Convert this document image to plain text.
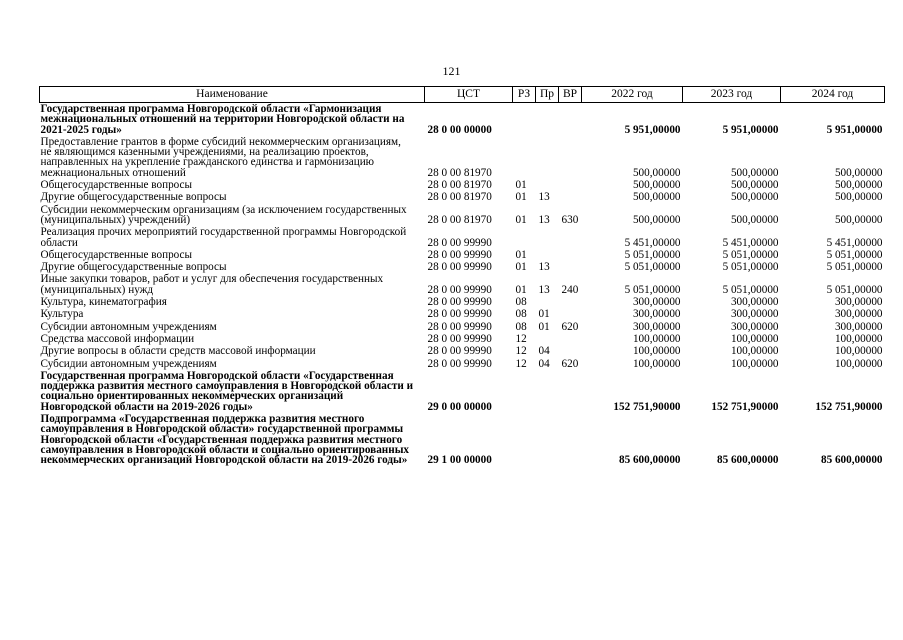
121
Наименование	ЦСТ	РЗ	Пр	ВР	2022 год	2023 год	2024 год
Государственная программа Новгородской области «Гармонизация межнациональных отношений на территории Новгородской области на 2021-2025 годы»	28 0 00 00000				5 951,00000	5 951,00000	5 951,00000
Предоставление грантов в форме субсидий некоммерческим организациям, не являющимся казенными учреждениями, на реализацию проектов, направленных на укрепление гражданского единства и гармонизацию межнациональных отношений	28 0 00 81970				500,00000	500,00000	500,00000
Общегосударственные вопросы	28 0 00 81970	01			500,00000	500,00000	500,00000
Другие общегосударственные вопросы	28 0 00 81970	01	13		500,00000	500,00000	500,00000
Субсидии некоммерческим организациям (за исключением государственных (муниципальных) учреждений)	28 0 00 81970	01	13	630	500,00000	500,00000	500,00000
Реализация прочих мероприятий государственной программы Новгородской области	28 0 00 99990				5 451,00000	5 451,00000	5 451,00000
Общегосударственные вопросы	28 0 00 99990	01			5 051,00000	5 051,00000	5 051,00000
Другие общегосударственные вопросы	28 0 00 99990	01	13		5 051,00000	5 051,00000	5 051,00000
Иные закупки товаров, работ и услуг для обеспечения государственных (муниципальных) нужд	28 0 00 99990	01	13	240	5 051,00000	5 051,00000	5 051,00000
Культура, кинематография	28 0 00 99990	08			300,00000	300,00000	300,00000
Культура	28 0 00 99990	08	01		300,00000	300,00000	300,00000
Субсидии автономным учреждениям	28 0 00 99990	08	01	620	300,00000	300,00000	300,00000
Средства массовой информации	28 0 00 99990	12			100,00000	100,00000	100,00000
Другие вопросы в области средств массовой информации	28 0 00 99990	12	04		100,00000	100,00000	100,00000
Субсидии автономным учреждениям	28 0 00 99990	12	04	620	100,00000	100,00000	100,00000
Государственная программа Новгородской области «Государственная поддержка развития местного самоуправления в Новгородской области и социально ориентированных некоммерческих организаций Новгородской области на 2019-2026 годы»	29 0 00 00000				152 751,90000	152 751,90000	152 751,90000
Подпрограмма «Государственная поддержка развития местного самоуправления в Новгородской области» государственной программы Новгородской области «Государственная поддержка развития местного самоуправления в Новгородской области и социально ориентированных некоммерческих организаций Новгородской области на 2019-2026 годы»	29 1 00 00000				85 600,00000	85 600,00000	85 600,00000
